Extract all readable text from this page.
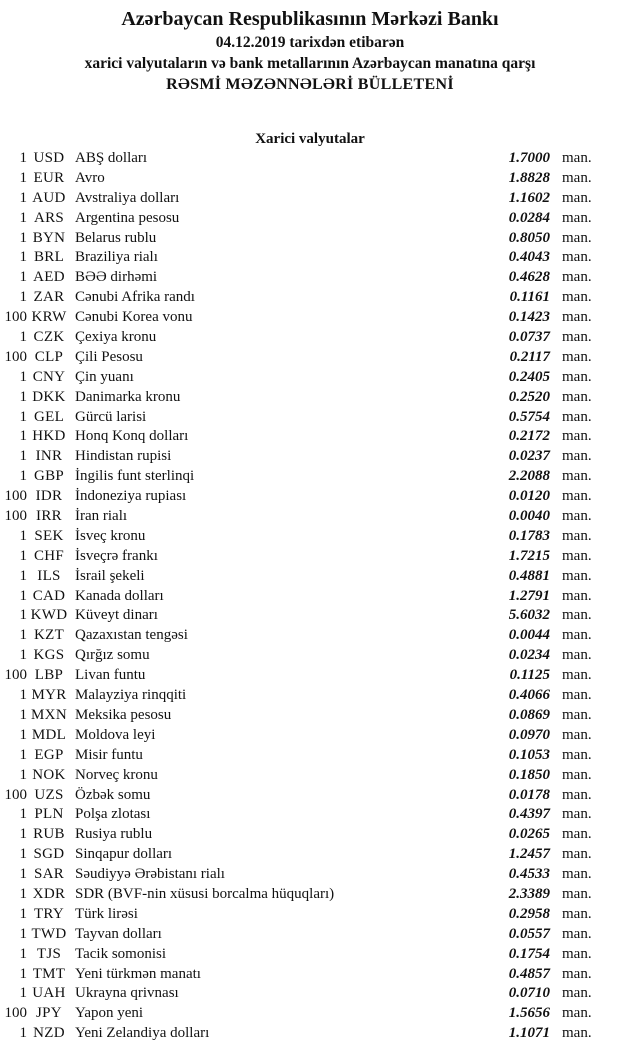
Azərbaycan Respublikasının Mərkəzi Bankı
04.12.2019 tarixdən etibarən
xarici valyutaların və bank metallarının Azərbaycan manatına qarşı
RƏSMİ MƏZƏNNƏLƏRİ BÜLLETENİ
Xarici valyutalar
1 USD ABŞ dolları	1.7000 man.
1 EUR Avro	1.8828 man.
1 AUD Avstraliya dolları	1.1602 man.
1 ARS Argentina pesosu	0.0284 man.
1 BYN Belarus rublu	0.8050 man.
1 BRL Braziliya rialı	0.4043 man.
1 AED BƏƏ dirhəmi	0.4628 man.
1 ZAR Cənubi Afrika randı	0.1161 man.
100 KRW Cənubi Korea vonu	0.1423 man.
1 CZK Çexiya kronu	0.0737 man.
100 CLP Çili Pesosu	0.2117 man.
1 CNY Çin yuanı	0.2405 man.
1 DKK Danimarka kronu	0.2520 man.
1 GEL Gürcü larisi	0.5754 man.
1 HKD Honq Konq dolları	0.2172 man.
1 INR Hindistan rupisi	0.0237 man.
1 GBP İngilis funt sterlinqi	2.2088 man.
100 IDR İndoneziya rupiası	0.0120 man.
100 IRR İran rialı	0.0040 man.
1 SEK İsveç kronu	0.1783 man.
1 CHF İsveçrə frankı	1.7215 man.
1 ILS İsrail şekeli	0.4881 man.
1 CAD Kanada dolları	1.2791 man.
1 KWD Küveyt dinarı	5.6032 man.
1 KZT Qazaxıstan tengəsi	0.0044 man.
1 KGS Qırğız somu	0.0234 man.
100 LBP Livan funtu	0.1125 man.
1 MYR Malayziya rinqqiti	0.4066 man.
1 MXN Meksika pesosu	0.0869 man.
1 MDL Moldova leyi	0.0970 man.
1 EGP Misir funtu	0.1053 man.
1 NOK Norveç kronu	0.1850 man.
100 UZS Özbək somu	0.0178 man.
1 PLN Polşa zlotası	0.4397 man.
1 RUB Rusiya rublu	0.0265 man.
1 SGD Sinqapur dolları	1.2457 man.
1 SAR Səudiyyə Ərəbistanı rialı	0.4533 man.
1 XDR SDR (BVF-nin xüsusi borcalma hüquqları)	2.3389 man.
1 TRY Türk lirəsi	0.2958 man.
1 TWD Tayvan dolları	0.0557 man.
1 TJS Tacik somonisi	0.1754 man.
1 TMT Yeni türkmən manatı	0.4857 man.
1 UAH Ukrayna qrivnası	0.0710 man.
100 JPY Yapon yeni	1.5656 man.
1 NZD Yeni Zelandiya dolları	1.1071 man.
